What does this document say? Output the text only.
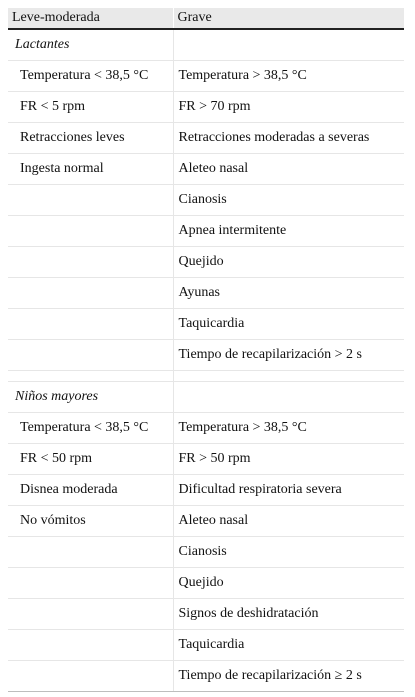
Leve-moderada	Grave
Lactantes	
Temperatura < 38,5 °C	Temperatura > 38,5 °C
FR < 5 rpm	FR > 70 rpm
Retracciones leves	Retracciones moderadas a severas
Ingesta normal	Aleteo nasal
	Cianosis
	Apnea intermitente
	Quejido
	Ayunas
	Taquicardia
	Tiempo de recapilarización > 2 s

Niños mayores	
Temperatura < 38,5 °C	Temperatura > 38,5 °C
FR < 50 rpm	FR > 50 rpm
Disnea moderada	Dificultad respiratoria severa
No vómitos	Aleteo nasal
	Cianosis
	Quejido
	Signos de deshidratación
	Taquicardia
	Tiempo de recapilarización ≥ 2 s
